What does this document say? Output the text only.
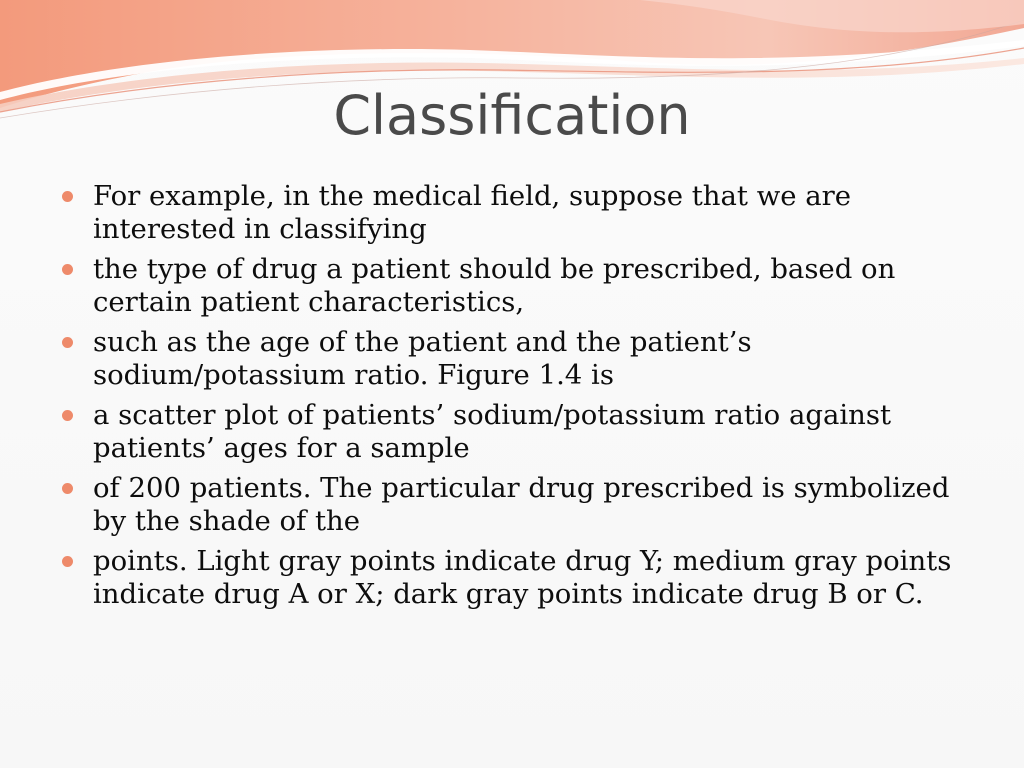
Classification
For example, in the medical field, suppose that we are interested in classifying
the type of drug a patient should be prescribed, based on certain patient characteristics,
such as the age of the patient and the patient’s sodium/potassium ratio. Figure 1.4 is
a scatter plot of patients’ sodium/potassium ratio against patients’ ages for a sample
of 200 patients. The particular drug prescribed is symbolized by the shade of the
points. Light gray points indicate drug Y; medium gray points indicate drug A or X; dark gray points indicate drug B or C.
